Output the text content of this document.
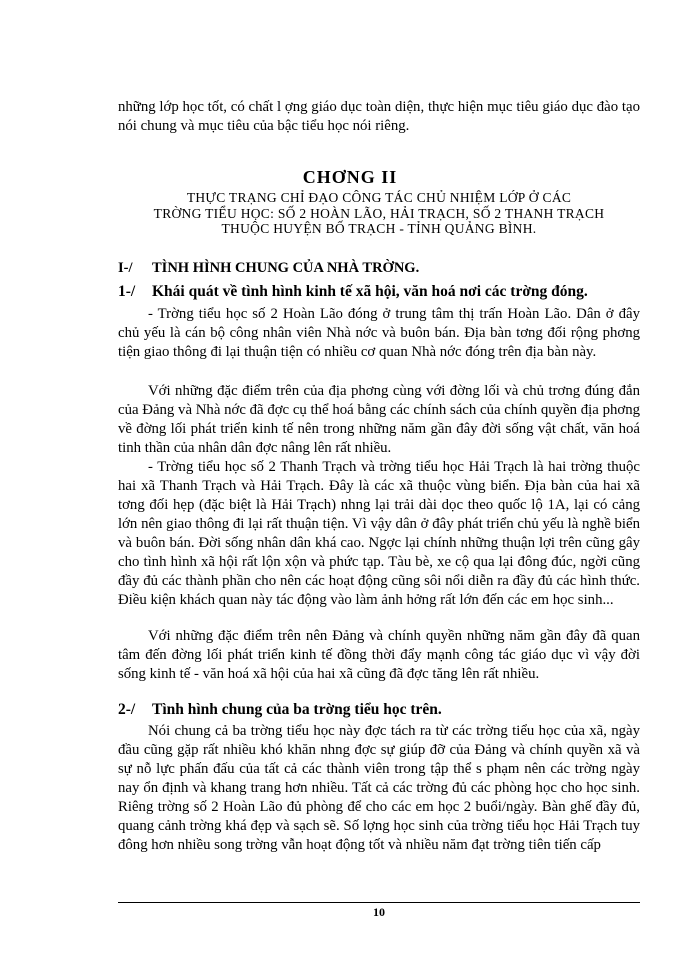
những lớp học tốt, có chất l ợng giáo dục toàn diện, thực hiện mục tiêu giáo dục đào tạo nói chung và mục tiêu của bậc tiểu học nói riêng.

CHƠNG II
THỰC TRẠNG CHỈ ĐẠO CÔNG TÁC CHỦ NHIỆM LỚP Ở CÁC
TRỜNG TIỂU HỌC: SỐ 2 HOÀN LÃO, HẢI TRẠCH, SỐ 2 THANH TRẠCH
THUỘC HUYỆN BỐ TRẠCH - TỈNH QUẢNG BÌNH.
I-/ TÌNH HÌNH CHUNG CỦA NHÀ TRỜNG.
1-/ Khái quát về tình hình kinh tế xã hội, văn hoá nơi các trờng đóng.

- Trờng tiểu học số 2 Hoàn Lão đóng ở trung tâm thị trấn Hoàn Lão. Dân ở đây chủ yếu là cán bộ công nhân viên Nhà nớc và buôn bán. Địa bàn tơng đối rộng phơng tiện giao thông đi lại thuận tiện có nhiều cơ quan Nhà nớc đóng trên địa bàn này.

Với những đặc điểm trên của địa phơng cùng với đờng lối và chủ trơng đúng đắn của Đảng và Nhà nớc đã đợc cụ thể hoá bằng các chính sách của chính quyền địa phơng về đờng lối phát triển kinh tế nên trong những năm gần đây đời sống vật chất, văn hoá tinh thần của nhân dân đợc nâng lên rất nhiều.

- Trờng tiểu học số 2 Thanh Trạch và trờng tiểu học Hải Trạch là hai trờng thuộc hai xã Thanh Trạch và Hải Trạch. Đây là các xã thuộc vùng biển. Địa bàn của hai xã tơng đối hẹp (đặc biệt là Hải Trạch) nhng lại trải dài dọc theo quốc lộ 1A, lại có cảng lớn nên giao thông đi lại rất thuận tiện. Vì vậy dân ở đây phát triển chủ yếu là nghề biển và buôn bán. Đời sống nhân dân khá cao. Ngợc lại chính những thuận lợi trên cũng gây cho tình hình xã hội rất lộn xộn và phức tạp. Tàu bè, xe cộ qua lại đông đúc, ngời cũng đầy đủ các thành phần cho nên các hoạt động cũng sôi nổi diễn ra đầy đủ các hình thức. Điều kiện khách quan này tác động vào làm ảnh hởng rất lớn đến các em học sinh...

Với những đặc điểm trên nên Đảng và chính quyền những năm gần đây đã quan tâm đến đờng lối phát triển kinh tế đồng thời đẩy mạnh công tác giáo dục vì vậy đời sống kinh tế - văn hoá xã hội của hai xã cũng đã đợc tăng lên rất nhiều.

2-/ Tình hình chung của ba trờng tiểu học trên.

Nói chung cả ba trờng tiểu học này đợc tách ra từ các trờng tiểu học của xã, ngày đầu cũng gặp rất nhiều khó khăn nhng đợc sự giúp đỡ của Đảng và chính quyền xã và sự nỗ lực phấn đấu của tất cả các thành viên trong tập thể s phạm nên các trờng ngày nay ổn định và khang trang hơn nhiều. Tất cả các trờng đủ các phòng học cho học sinh. Riêng trờng số 2 Hoàn Lão đủ phòng để cho các em học 2 buổi/ngày. Bàn ghế đầy đủ, quang cảnh trờng khá đẹp và sạch sẽ. Số lợng học sinh của trờng tiểu học Hải Trạch tuy đông hơn nhiều song trờng vẫn hoạt động tốt và nhiều năm đạt trờng tiên tiến cấp

10
